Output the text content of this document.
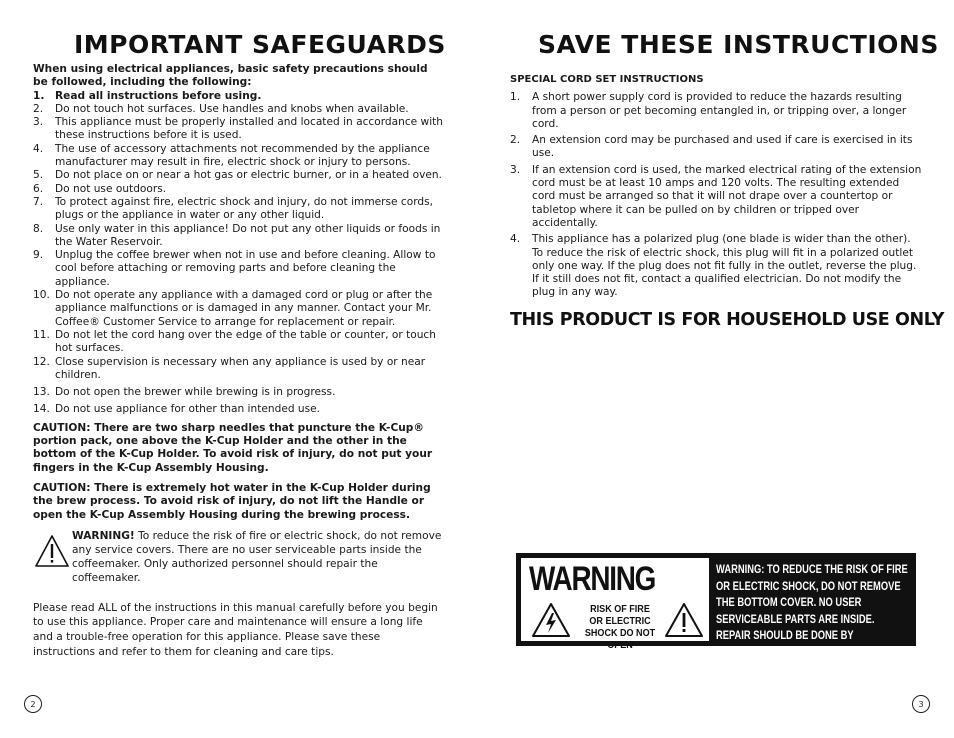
IMPORTANT SAFEGUARDS

When using electrical appliances, basic safety precautions should be followed, including the following:

1. Read all instructions before using.
2. Do not touch hot surfaces. Use handles and knobs when available.
3. This appliance must be properly installed and located in accordance with these instructions before it is used.
4. The use of accessory attachments not recommended by the appliance manufacturer may result in fire, electric shock or injury to persons.
5. Do not place on or near a hot gas or electric burner, or in a heated oven.
6. Do not use outdoors.
7. To protect against fire, electric shock and injury, do not immerse cords, plugs or the appliance in water or any other liquid.
8. Use only water in this appliance! Do not put any other liquids or foods in the Water Reservoir.
9. Unplug the coffee brewer when not in use and before cleaning. Allow to cool before attaching or removing parts and before cleaning the appliance.
10. Do not operate any appliance with a damaged cord or plug or after the appliance malfunctions or is damaged in any manner. Contact your Mr. Coffee® Customer Service to arrange for replacement or repair.
11. Do not let the cord hang over the edge of the table or counter, or touch hot surfaces.
12. Close supervision is necessary when any appliance is used by or near children.
13. Do not open the brewer while brewing is in progress.
14. Do not use appliance for other than intended use.

CAUTION: There are two sharp needles that puncture the K-Cup® portion pack, one above the K-Cup Holder and the other in the bottom of the K-Cup Holder. To avoid risk of injury, do not put your fingers in the K-Cup Assembly Housing.

CAUTION: There is extremely hot water in the K-Cup Holder during the brew process. To avoid risk of injury, do not lift the Handle or open the K-Cup Assembly Housing during the brewing process.

WARNING! To reduce the risk of fire or electric shock, do not remove any service covers. There are no user serviceable parts inside the coffeemaker. Only authorized personnel should repair the coffeemaker.

Please read ALL of the instructions in this manual carefully before you begin to use this appliance. Proper care and maintenance will ensure a long life and a trouble-free operation for this appliance. Please save these instructions and refer to them for cleaning and care tips.

2
SAVE THESE INSTRUCTIONS

SPECIAL CORD SET INSTRUCTIONS

1. A short power supply cord is provided to reduce the hazards resulting from a person or pet becoming entangled in, or tripping over, a longer cord.
2. An extension cord may be purchased and used if care is exercised in its use.
3. If an extension cord is used, the marked electrical rating of the extension cord must be at least 10 amps and 120 volts. The resulting extended cord must be arranged so that it will not drape over a countertop or tabletop where it can be pulled on by children or tripped over accidentally.
4. This appliance has a polarized plug (one blade is wider than the other). To reduce the risk of electric shock, this plug will fit in a polarized outlet only one way. If the plug does not fit fully in the outlet, reverse the plug. If it still does not fit, contact a qualified electrician. Do not modify the plug in any way.
THIS PRODUCT IS FOR HOUSEHOLD USE ONLY

WARNING

RISK OF FIRE OR ELECTRIC SHOCK DO NOT OPEN

WARNING: TO REDUCE THE RISK OF FIRE OR ELECTRIC SHOCK, DO NOT REMOVE THE BOTTOM COVER. NO USER SERVICEABLE PARTS ARE INSIDE. REPAIR SHOULD BE DONE BY AUTHORIZED SERVICE PERSONNEL ONLY.

3
